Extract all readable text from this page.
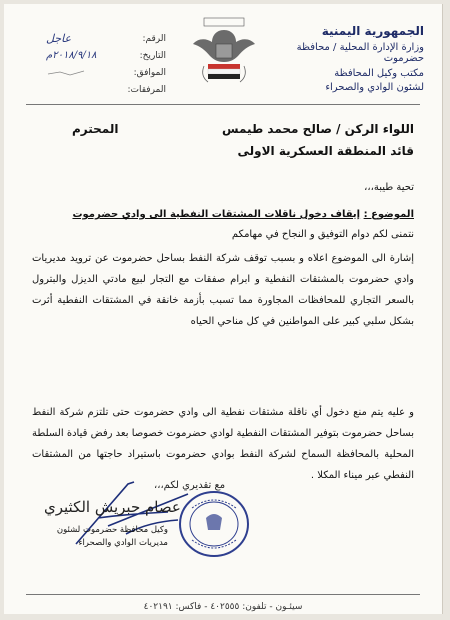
الجمهورية اليمنية
وزارة الإدارة المحلية / محافظة حضرموت
مكتب وكيل المحافظة
لشئون الوادي والصحراء
الرقم:
عاجل
التاريخ:
٢٠١٨/٩/١٨م
الموافق:
المرفقات:
اللواء الركن / صالح محمد طيمس
المحترم
قائد المنطقة العسكرية الاولى
تحية طيبة،،،
الموضوع : إيقاف دخول ناقلات المشتقات النفطية الى وادي حضرموت
نتمنى لكم دوام التوفيق و النجاح في مهامكم
إشارة الى الموضوع اعلاه و بسبب توقف شركة النفط بساحل حضرموت عن ترويد مديريات وادي حضرموت بالمشتقات النفطية و ابرام صفقات مع التجار لبيع مادتي الديزل والبترول بالسعر التجاري للمحافظات المجاورة مما تسبب بأزمة خانقة في المشتقات النفطية أثرت بشكل سلبي كبير على المواطنين في كل مناحي الحياه
و عليه يتم منع دخول أي ناقلة مشتقات نفطية الى وادي حضرموت حتى تلتزم شركة النفط بساحل حضرموت بتوفير المشتقات النفطية لوادي حضرموت خصوصا بعد رفض قيادة السلطة المحلية بالمحافظة السماح لشركة النفط بوادي حضرموت باستيراد حاجتها من المشتقات النفطي عبر ميناء المكلا .
مع تقديري لكم،،،
عصام حبريش الكثيري
وكيل محافظة حضرموت لشئون
مديريات الوادي والصحراء
سيئـون - تلفون: ٤٠٢٥٥٥ - فاكس: ٤٠٢١٩١
